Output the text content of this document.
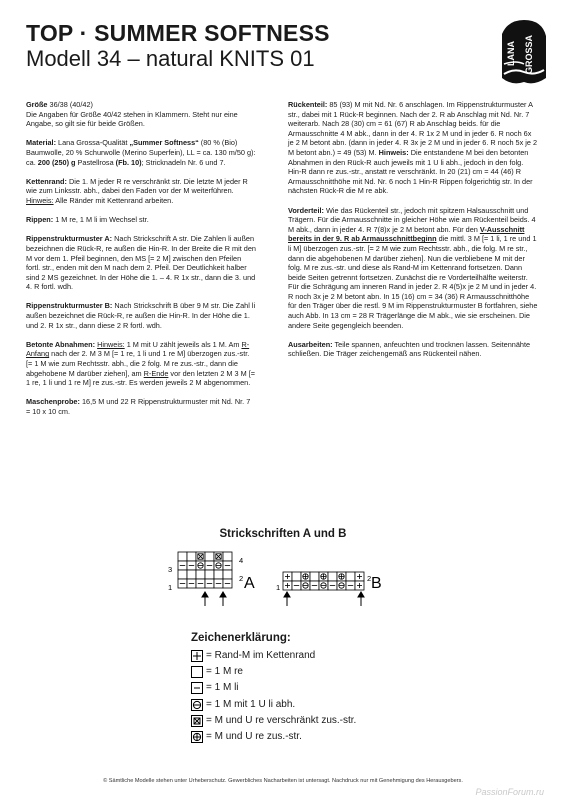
TOP · SUMMER SOFTNESS
Modell 34 – natural KNITS 01	LANA GROSSA

Größe 36/38 (40/42)
Die Angaben für Größe 40/42 stehen in Klammern. Steht nur eine Angabe, so gilt sie für beide Größen.

Material: Lana Grossa-Qualität „Summer Softness“ (80 % (Bio) Baumwolle, 20 % Schurwolle (Merino Superfein), LL = ca. 130 m/50 g): ca. 200 (250) g Pastellrosa (Fb. 10); Stricknadeln Nr. 6 und 7.

Kettenrand: Die 1. M jeder R re verschränkt str. Die letzte M jeder R wie zum Linksstr. abh., dabei den Faden vor der M weiterführen. Hinweis: Alle Ränder mit Kettenrand arbeiten.

Rippen: 1 M re, 1 M li im Wechsel str.

Rippenstrukturmuster A: Nach Strickschrift A str. Die Zahlen li außen bezeichnen die Rück-R, re außen die Hin-R. In der Breite die R mit den M vor dem 1. Pfeil beginnen, den MS [= 2 M] zwischen den Pfeilen fortl. str., enden mit den M nach dem 2. Pfeil. Der Deutlichkeit halber sind 2 MS gezeichnet. In der Höhe die 1. – 4. R 1x str., dann die 3. und 4. R fortl. wdh.

Rippenstrukturmuster B: Nach Strickschrift B über 9 M str. Die Zahl li außen bezeichnet die Rück-R, re außen die Hin-R. In der Höhe die 1. und 2. R 1x str., dann diese 2 R fortl. wdh.

Betonte Abnahmen: Hinweis: 1 M mit U zählt jeweils als 1 M. Am R-Anfang nach der 2. M 3 M [= 1 re, 1 li und 1 re M] überzogen zus.-str. [= 1 M wie zum Rechtsstr. abh., die 2 folg. M re zus.-str., dann die abgehobene M darüber ziehen], am R-Ende vor den letzten 2 M 3 M [= 1 re, 1 li und 1 re M] re zus.-str. Es werden jeweils 2 M abgenommen.

Maschenprobe: 16,5 M und 22 R Rippenstrukturmuster mit Nd. Nr. 7 = 10 x 10 cm.

Rückenteil: 85 (93) M mit Nd. Nr. 6 anschlagen. Im Rippenstrukturmuster A str., dabei mit 1 Rück-R beginnen. Nach der 2. R ab Anschlag mit Nd. Nr. 7 weiterarb. Nach 28 (30) cm = 61 (67) R ab Anschlag beids. für die Armausschnitte 4 M abk., dann in der 4. R 1x 2 M und in jeder 6. R noch 6x je 2 M betont abn. (dann in jeder 4. R 3x je 2 M und in jeder 6. R noch 5x je 2 M betont abn.) = 49 (53) M. Hinweis: Die entstandene M bei den betonten Abnahmen in den Rück-R auch jeweils mit 1 U li abh., jedoch in den folg. Hin-R dann re zus.-str., anstatt re verschränkt. In 20 (21) cm = 44 (46) R Armausschnitthöhe mit Nd. Nr. 6 noch 1 Hin-R Rippen folgerichtig str. In der nächsten Rück-R die M re abk.

Vorderteil: Wie das Rückenteil str., jedoch mit spitzem Halsausschnitt und Trägern. Für die Armausschnitte in gleicher Höhe wie am Rückenteil beids. 4 M abk., dann in jeder 4. R 7(8)x je 2 M betont abn. Für den V-Ausschnitt bereits in der 9. R ab Armausschnittbeginn die mittl. 3 M [= 1 li, 1 re und 1 li M] überzogen zus.-str. [= 2 M wie zum Rechtsstr. abh., die folg. M re str., dann die abgehobenen M darüber ziehen]. Nun die verbliebene M mit der folg. M re zus.-str. und diese als Rand-M im Kettenrand fortsetzen. Dann beide Seiten getrennt fortsetzen. Zunächst die re Vorderteilhälfte weiterstr. Für die Schrägung am inneren Rand in jeder 2. R 4(5)x je 2 M und in jeder 4. R noch 3x je 2 M betont abn. In 15 (16) cm = 34 (36) R Armausschnitthöhe für den Träger über die restl. 9 M im Rippenstrukturmuster B fortfahren, siehe auch Abb. In 13 cm = 28 R Trägerlänge die M abk., wie sie erscheinen. Die andere Seite gegengleich beenden.

Ausarbeiten: Teile spannen, anfeuchten und trocknen lassen. Seitennähte schließen. Die Träger zeichengemäß ans Rückenteil nähen.

Strickschriften A und B
3
1
4
2 A	1
2 B
Zeichenerklärung:
= Rand-M im Kettenrand
= 1 M re
= 1 M li
= 1 M mit 1 U li abh.
= M und U re verschränkt zus.-str.
= M und U re zus.-str.
© Sämtliche Modelle stehen unter Urheberschutz. Gewerbliches Nacharbeiten ist untersagt. Nachdruck nur mit Genehmigung des Herausgebers.
PassionForum.ru
